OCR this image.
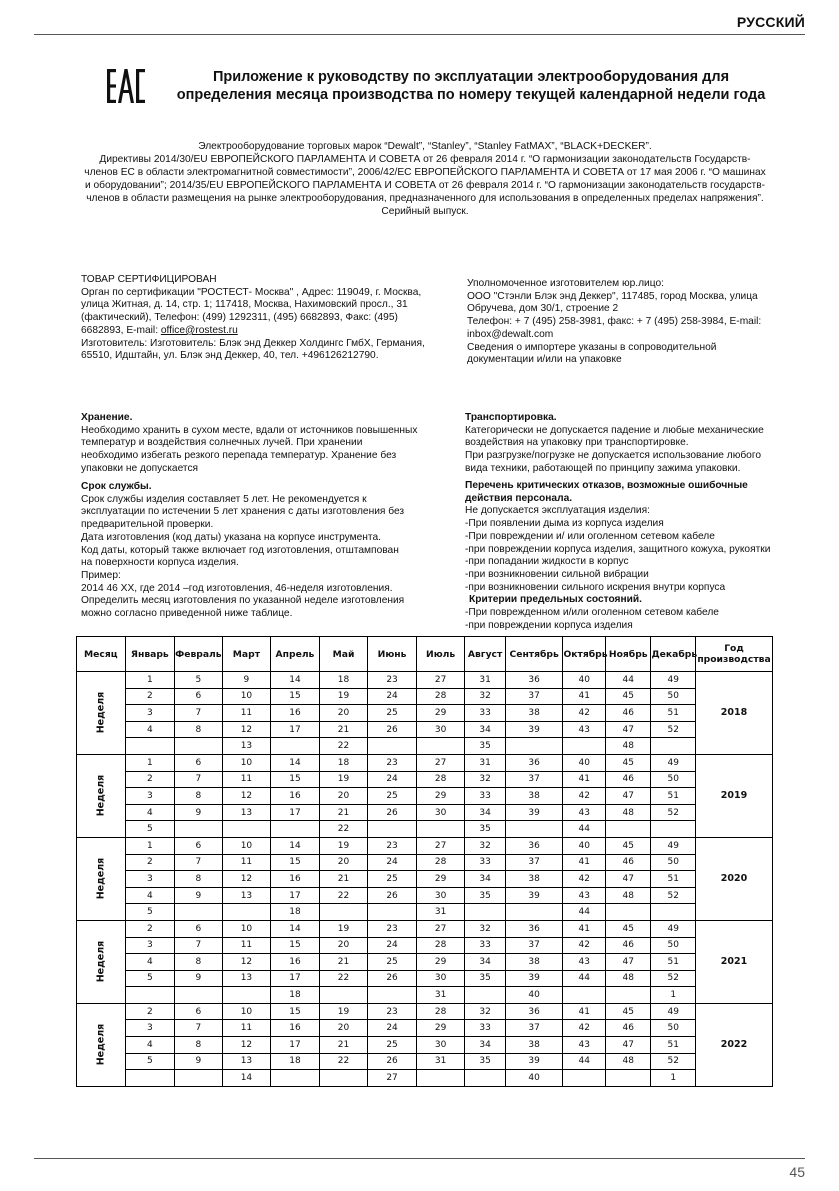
РУССКИЙ
Приложение к руководству по эксплуатации электрооборудования для
определения месяца производства по номеру текущей календарной недели года
Электрооборудование торговых марок “Dewalt”, “Stanley”, “Stanley FatMAX”, “BLACK+DECKER”.
Директивы 2014/30/EU ЕВРОПЕЙСКОГО ПАРЛАМЕНТА И СОВЕТА от 26 февраля 2014 г. “О гармонизации законодательств Государств-
членов ЕС в области электромагнитной совместимости”, 2006/42/EC ЕВРОПЕЙСКОГО ПАРЛАМЕНТА И СОВЕТА от 17 мая 2006 г. “О машинах
и оборудовании”; 2014/35/EU ЕВРОПЕЙСКОГО ПАРЛАМЕНТА И СОВЕТА от 26 февраля 2014 г. “О гармонизации законодательств государств-
членов в области размещения на рынке электрооборудования, предназначенного для использования в определенных пределах напряжения”.
Серийный выпуск.
ТОВАР СЕРТИФИЦИРОВАН
Орган по сертификации "РОСТЕСТ- Москва" , Адрес: 119049, г. Москва,
улица Житная, д. 14, стр. 1; 117418, Москва, Нахимовский просл., 31
(фактический), Телефон: (499) 1292311, (495) 6682893, Факс: (495)
6682893, E-mail: office@rostest.ru
Изготовитель: Изготовитель: Блэк энд Деккер Холдингс ГмбХ, Германия,
65510, Идштайн, ул. Блэк энд Деккер, 40, тел. +496126212790.
Уполномоченное изготовителем юр.лицо:
ООО "Стэнли Блэк энд Деккер", 117485, город Москва, улица
Обручева, дом 30/1, строение 2
Телефон: + 7 (495) 258-3981, факс: + 7 (495) 258-3984, E-mail:
inbox@dewalt.com
Сведения о импортере указаны в сопроводительной
документации и/или на упаковке
Хранение.
Необходимо хранить в сухом месте, вдали от источников повышенных
температур и воздействия солнечных лучей. При хранении
необходимо избегать резкого перепада температур. Хранение без
упаковки не допускается
Срок службы.
Срок службы изделия составляет 5 лет. Не рекомендуется к
эксплуатации по истечении 5 лет хранения с даты изготовления без
предварительной проверки.
Дата изготовления (код даты) указана на корпусе инструмента.
Код даты, который также включает год изготовления, отштампован
на поверхности корпуса изделия.
Пример:
2014 46 XX, где 2014 –год изготовления, 46-неделя изготовления.
Определить месяц изготовления по указанной неделе изготовления
можно согласно приведенной ниже таблице.
Транспортировка.
Категорически не допускается падение и любые механические
воздействия на упаковку при транспортировке.
При разгрузке/погрузке не допускается использование любого
вида техники, работающей по принципу зажима упаковки.
Перечень критических отказов, возможные ошибочные
действия персонала.
Не допускается эксплуатация изделия:
-При появлении дыма из корпуса изделия
-При повреждении и/ или оголенном сетевом кабеле
-при повреждении корпуса изделия, защитного кожуха, рукоятки
-при попадании жидкости в корпус
-при возникновении сильной вибрации
-при возникновении сильного искрения внутри корпуса
Критерии предельных состояний.
-При поврежденном и/или оголенном сетевом кабеле
-при повреждении корпуса изделия
Месяц	Январь	Февраль	Март	Апрель	Май	Июнь	Июль	Август	Сентябрь	Октябрь	Ноябрь	Декабрь	Год
производства

Неделя	1	5	9	14	18	23	27	31	36	40	44	49	2018
	2	6	10	15	19	24	28	32	37	41	45	50	
	3	7	11	16	20	25	29	33	38	42	46	51	
	4	8	12	17	21	26	30	34	39	43	47	52	
			13		22			35			48		
Неделя	1	6	10	14	18	23	27	31	36	40	45	49	2019
	2	7	11	15	19	24	28	32	37	41	46	50	
	3	8	12	16	20	25	29	33	38	42	47	51	
	4	9	13	17	21	26	30	34	39	43	48	52	
	5				22			35		44			
Неделя	1	6	10	14	19	23	27	32	36	40	45	49	2020
	2	7	11	15	20	24	28	33	37	41	46	50	
	3	8	12	16	21	25	29	34	38	42	47	51	
	4	9	13	17	22	26	30	35	39	43	48	52	
	5			18			31			44			
Неделя	2	6	10	14	19	23	27	32	36	41	45	49	2021
	3	7	11	15	20	24	28	33	37	42	46	50	
	4	8	12	16	21	25	29	34	38	43	47	51	
	5	9	13	17	22	26	30	35	39	44	48	52	
				18			31		40			1	
Неделя	2	6	10	15	19	23	28	32	36	41	45	49	2022
	3	7	11	16	20	24	29	33	37	42	46	50	
	4	8	12	17	21	25	30	34	38	43	47	51	
	5	9	13	18	22	26	31	35	39	44	48	52	
			14			27			40			1	
45
